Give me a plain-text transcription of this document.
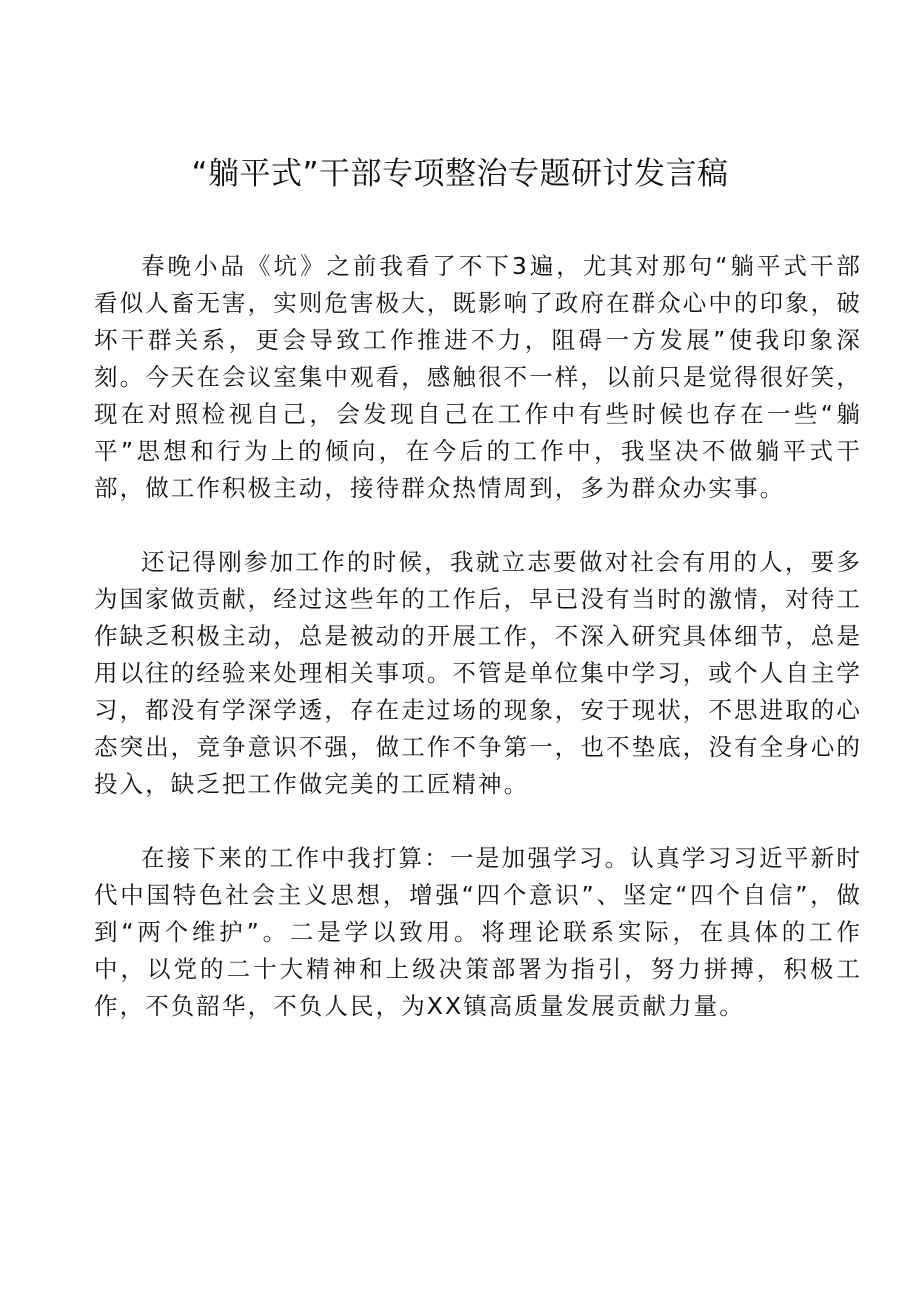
“躺平式”干部专项整治专题研讨发言稿

春晚小品《坑》之前我看了不下3遍，尤其对那句“躺平式干部看似人畜无害，实则危害极大，既影响了政府在群众心中的印象，破坏干群关系，更会导致工作推进不力，阻碍一方发展”使我印象深刻。今天在会议室集中观看，感触很不一样，以前只是觉得很好笑，现在对照检视自己，会发现自己在工作中有些时候也存在一些“躺平”思想和行为上的倾向，在今后的工作中，我坚决不做躺平式干部，做工作积极主动，接待群众热情周到，多为群众办实事。

还记得刚参加工作的时候，我就立志要做对社会有用的人，要多为国家做贡献，经过这些年的工作后，早已没有当时的激情，对待工作缺乏积极主动，总是被动的开展工作，不深入研究具体细节，总是用以往的经验来处理相关事项。不管是单位集中学习，或个人自主学习，都没有学深学透，存在走过场的现象，安于现状，不思进取的心态突出，竞争意识不强，做工作不争第一，也不垫底，没有全身心的投入，缺乏把工作做完美的工匠精神。

在接下来的工作中我打算：一是加强学习。认真学习习近平新时代中国特色社会主义思想，增强“四个意识”、坚定“四个自信”，做到“两个维护”。二是学以致用。将理论联系实际，在具体的工作中，以党的二十大精神和上级决策部署为指引，努力拼搏，积极工作，不负韶华，不负人民，为XX镇高质量发展贡献力量。
